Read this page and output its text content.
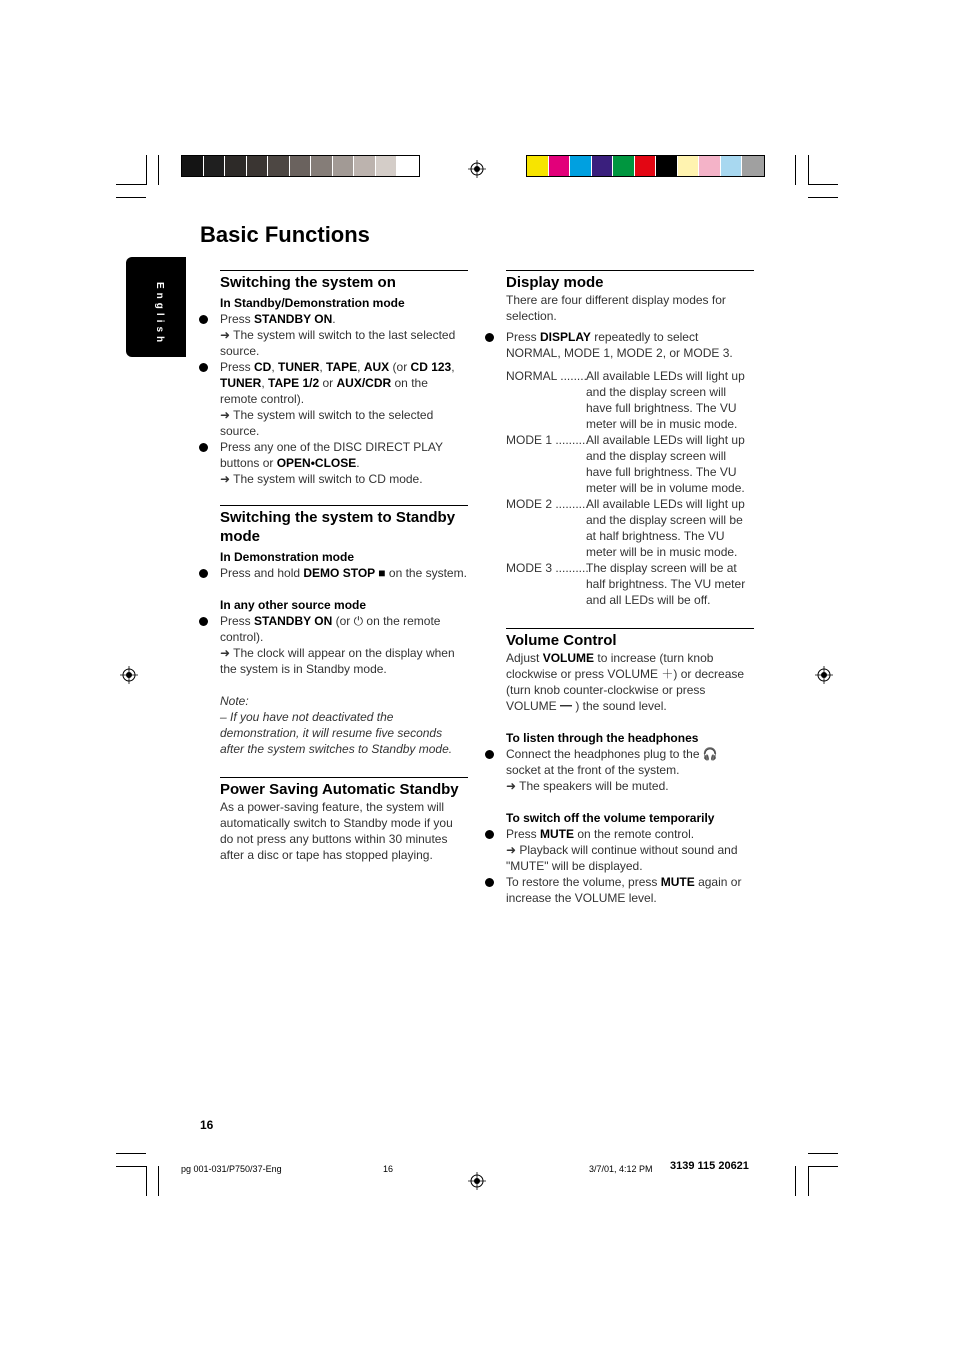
Basic Functions
English	Switching the system on

In Standby/Demonstration mode

Press STANDBY ON.

➜ The system will switch to the last selected source.

Press CD, TUNER, TAPE, AUX (or CD 123, TUNER, TAPE 1/2 or AUX/CDR on the remote control).

➜ The system will switch to the selected source.

Press any one of the DISC DIRECT PLAY buttons or OPEN•CLOSE.

➜ The system will switch to CD mode.

Switching the system to Standby mode

In Demonstration mode

Press and hold DEMO STOP ■ on the system.

In any other source mode

Press STANDBY ON (or ⏻ on the remote control).

➜ The clock will appear on the display when the system is in Standby mode.

Note:

– If you have not deactivated the demonstration, it will resume five seconds after the system switches to Standby mode.

Power Saving Automatic Standby

As a power-saving feature, the system will automatically switch to Standby mode if you do not press any buttons within 30 minutes after a disc or tape has stopped playing.

Display mode

There are four different display modes for selection.

Press DISPLAY repeatedly to select NORMAL, MODE 1, MODE 2, or MODE 3.
NORMAL ........ All available LEDs will light up and the display screen will have full brightness. The VU meter will be in music mode.
MODE 1 ..........
All available LEDs will light up and the display screen will have full brightness. The VU meter will be in volume mode.
MODE 2 ..........
All available LEDs will light up and the display screen will be at half brightness. The VU meter will be in music mode.
MODE 3 ..........
The display screen will be at half brightness. The VU meter and all LEDs will be off.

Volume Control

Adjust VOLUME to increase (turn knob clockwise or press VOLUME ＋) or decrease (turn knob counter-clockwise or press VOLUME ━ ) the sound level.

To listen through the headphones

Connect the headphones plug to the 🎧 socket at the front of the system.

➜ The speakers will be muted.

To switch off the volume temporarily

Press MUTE on the remote control.

➜ Playback will continue without sound and "MUTE" will be displayed.

To restore the volume, press MUTE again or increase the VOLUME level.
16
pg 001-031/P750/37-Eng	16	3/7/01, 4:12 PM 3139 115 20621
